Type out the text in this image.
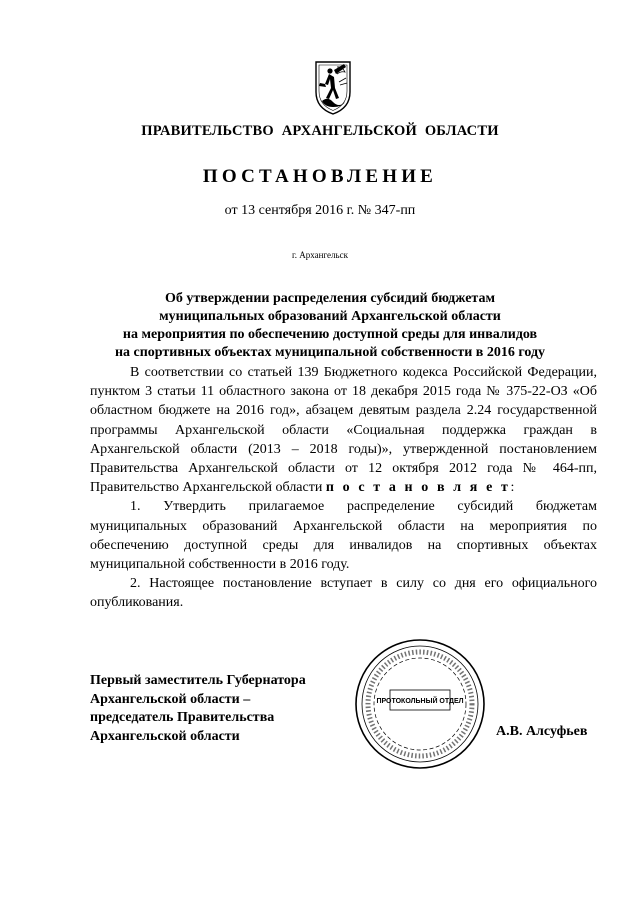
ПРАВИТЕЛЬСТВО АРХАНГЕЛЬСКОЙ ОБЛАСТИ
ПОСТАНОВЛЕНИЕ
от 13 сентября 2016 г. № 347-пп
г. Архангельск
Об утверждении распределения субсидий бюджетам
муниципальных образований Архангельской области
на мероприятия по обеспечению доступной среды для инвалидов
на спортивных объектах муниципальной собственности в 2016 году

В соответствии со статьей 139 Бюджетного кодекса Российской Федерации, пунктом 3 статьи 11 областного закона от 18 декабря 2015 года № 375-22-ОЗ «Об областном бюджете на 2016 год», абзацем девятым раздела 2.24 государственной программы Архангельской области «Социальная поддержка граждан в Архангельской области (2013 – 2018 годы)», утвержденной постановлением Правительства Архангельской области от 12 октября 2012 года № 464-пп, Правительство Архангельской области п о с т а н о в л я е т:

1. Утвердить прилагаемое распределение субсидий бюджетам муниципальных образований Архангельской области на мероприятия по обеспечению доступной среды для инвалидов на спортивных объектах муниципальной собственности в 2016 году.

2. Настоящее постановление вступает в силу со дня его официального опубликования.

Первый заместитель Губернатора
Архангельской области –
председатель Правительства
Архангельской области
ПРОТОКОЛЬНЫЙ ОТДЕЛ
А.В. Алсуфьев
